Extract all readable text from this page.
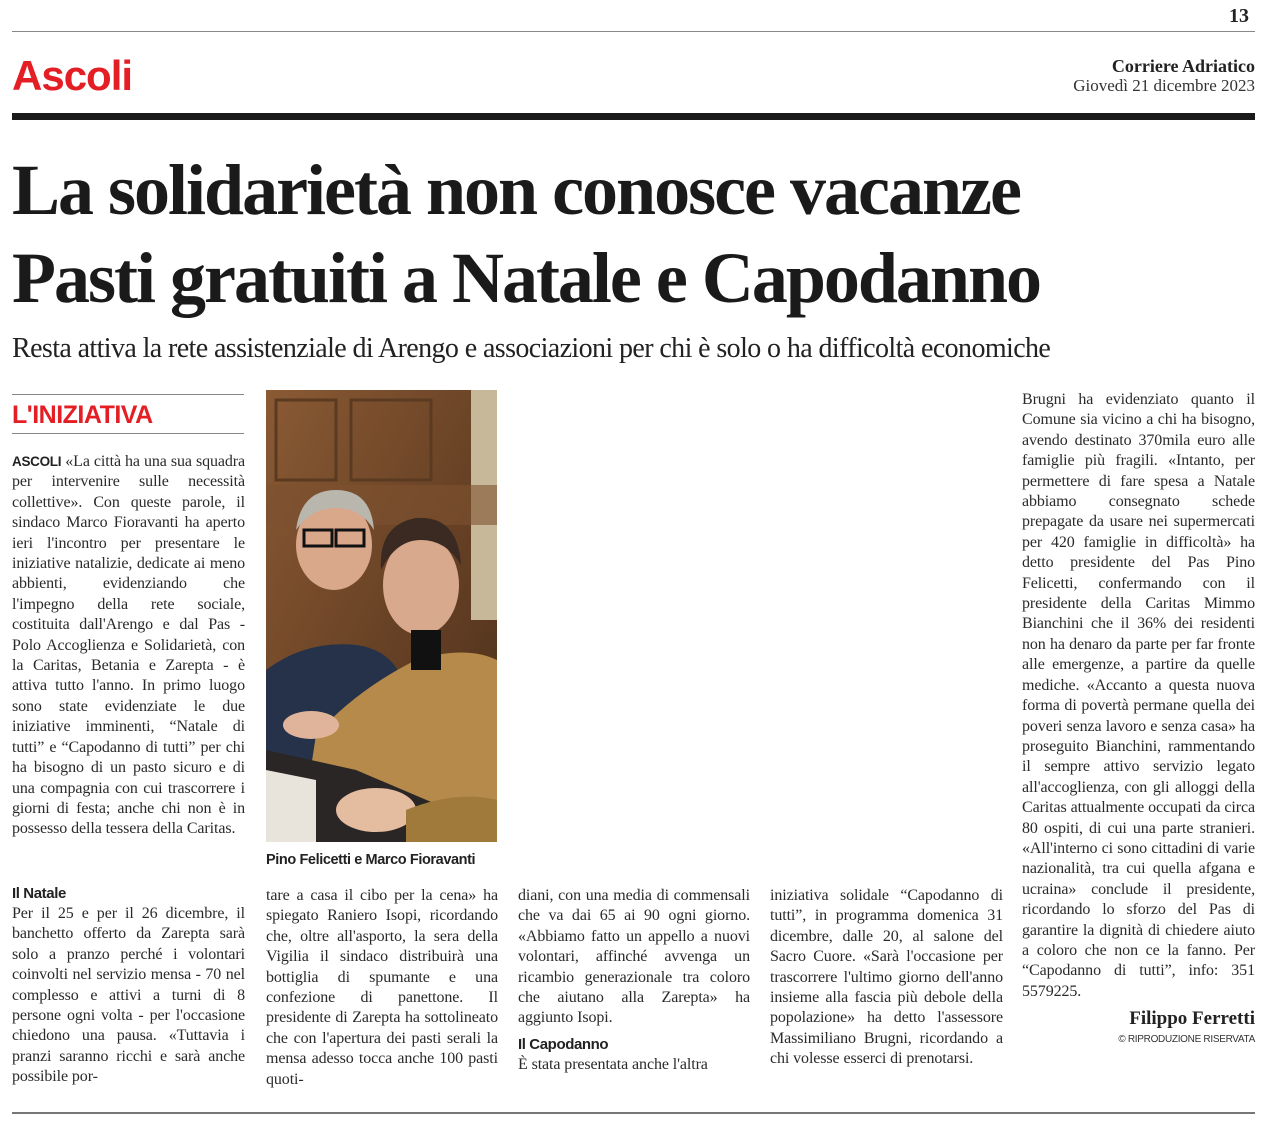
13
Ascoli	Corriere Adriatico
Giovedì 21 dicembre 2023
La solidarietà non conosce vacanze
Pasti gratuiti a Natale e Capodanno
Resta attiva la rete assistenziale di Arengo e associazioni per chi è solo o ha difficoltà economiche
L'INIZIATIVA

ASCOLI «La città ha una sua squadra per intervenire sulle necessità collettive». Con queste parole, il sindaco Marco Fioravanti ha aperto ieri l'incontro per presentare le iniziative natalizie, dedicate ai meno abbienti, evidenziando che l'impegno della rete sociale, costituita dall'Arengo e dal Pas - Polo Accoglienza e Solidarietà, con la Caritas, Betania e Zarepta - è attiva tutto l'anno. In primo luogo sono state evidenziate le due iniziative imminenti, “Natale di tutti” e “Capodanno di tutti” per chi ha bisogno di un pasto sicuro e di una compagnia con cui trascorrere i giorni di festa; anche chi non è in possesso della tessera della Caritas.

Pino Felicetti e Marco Fioravanti
Il Natale
Per il 25 e per il 26 dicembre, il banchetto offerto da Zarepta sarà solo a pranzo perché i volontari coinvolti nel servizio mensa - 70 nel complesso e attivi a turni di 8 persone ogni volta - per l'occasione chiedono una pausa. «Tuttavia i pranzi saranno ricchi e sarà anche possibile por-
tare a casa il cibo per la cena» ha spiegato Raniero Isopi, ricordando che, oltre all'asporto, la sera della Vigilia il sindaco distribuirà una bottiglia di spumante e una confezione di panettone. Il presidente di Zarepta ha sottolineato che con l'apertura dei pasti serali la mensa adesso tocca anche 100 pasti quoti-
diani, con una media di commensali che va dai 65 ai 90 ogni giorno. «Abbiamo fatto un appello a nuovi volontari, affinché avvenga un ricambio generazionale tra coloro che aiutano alla Zarepta» ha aggiunto Isopi.
Il Capodanno
È stata presentata anche l'altra
iniziativa solidale “Capodanno di tutti”, in programma domenica 31 dicembre, dalle 20, al salone del Sacro Cuore. «Sarà l'occasione per trascorrere l'ultimo giorno dell'anno insieme alla fascia più debole della popolazione» ha detto l'assessore Massimiliano Brugni, ricordando a chi volesse esserci di prenotarsi.
Brugni ha evidenziato quanto il Comune sia vicino a chi ha bisogno, avendo destinato 370mila euro alle famiglie più fragili. «Intanto, per permettere di fare spesa a Natale abbiamo consegnato schede prepagate da usare nei supermercati per 420 famiglie in difficoltà» ha detto presidente del Pas Pino Felicetti, confermando con il presidente della Caritas Mimmo Bianchini che il 36% dei residenti non ha denaro da parte per far fronte alle emergenze, a partire da quelle mediche. «Accanto a questa nuova forma di povertà permane quella dei poveri senza lavoro e senza casa» ha proseguito Bianchini, rammentando il sempre attivo servizio legato all'accoglienza, con gli alloggi della Caritas attualmente occupati da circa 80 ospiti, di cui una parte stranieri. «All'interno ci sono cittadini di varie nazionalità, tra cui quella afgana e ucraina» conclude il presidente, ricordando lo sforzo del Pas di garantire la dignità di chiedere aiuto a coloro che non ce la fanno. Per “Capodanno di tutti”, info: 351 5579225.
Filippo Ferretti
© RIPRODUZIONE RISERVATA
